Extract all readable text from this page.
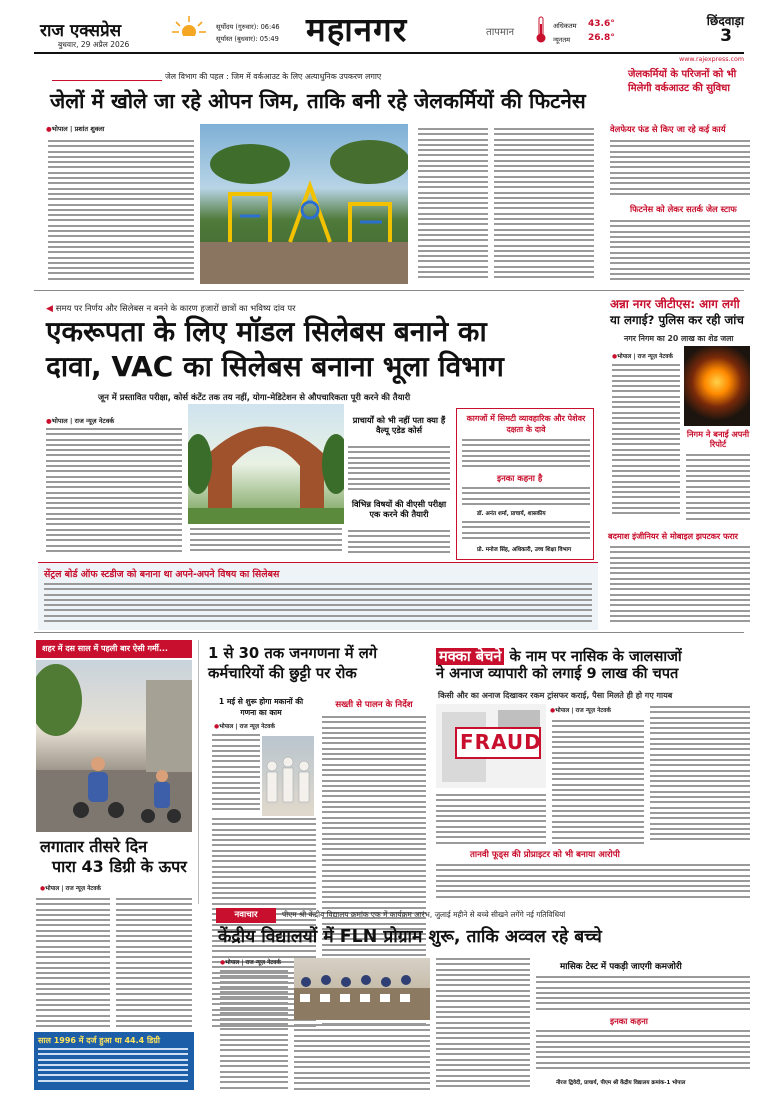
राज एक्सप्रेस
बुधवार, 29 अप्रैल 2026
सूर्योदय (गुरुवार): 06:46
सूर्यास्त (बुधवार): 05:49 महानगर	तापमान
अधिकतम 43.6°
न्यूनतम 26.8°
छिंदवाड़ा
3
www.rajexpress.com
जेल विभाग की पहल : जिम में वर्कआउट के लिए अत्याधुनिक उपकरण लगाए
जेलों में खोले जा रहे ओपन जिम, ताकि बनी रहे जेलकर्मियों की फिटनेस
जेलकर्मियों के परिजनों को भी मिलेगी वर्कआउट की सुविधा
● भोपाल | प्रशांत शुक्ला	वेलफेयर फंड से किए जा रहे कई कार्य
फिटनेस को लेकर सतर्क जेल स्टाफ
◀ समय पर निर्णय और सिलेबस न बनने के कारण हजारों छात्रों का भविष्य दांव पर
एकरूपता के लिए मॉडल सिलेबस बनाने का
दावा, VAC का सिलेबस बनाना भूला विभाग
जून में प्रस्तावित परीक्षा, कोर्स कंटेंट तक तय नहीं, योगा-मेडिटेशन से औपचारिकता पूरी करने की तैयारी
● भोपाल | राज न्यूज़ नेटवर्क	प्राचार्यों को भी नहीं पता क्या हैं वैल्यू एडेड कोर्स
विभिन्न विषयों की वीएसी परीक्षा एक करने की तैयारी
कागजों में सिमटी व्यावहारिक और पेशेवर दक्षता के दावे
इनका कहना है
डॉ. अनंत शर्मा, प्राचार्य, शासकीय
प्रो. मनोज सिंह, अधिकारी, उच्च शिक्षा विभाग
सेंट्रल बोर्ड ऑफ स्टडीज को बनाना था अपने-अपने विषय का सिलेबस
अन्ना नगर जीटीएस: आग लगी
या लगाई? पुलिस कर रही जांच
नगर निगम का 20 लाख का शेड जला
● भोपाल | राज न्यूज़ नेटवर्क
निगम ने बनाई अपनी रिपोर्ट
बदमाश इंजीनियर से मोबाइल झपटकर फरार
शहर में दस साल में पहली बार ऐसी गर्मी...
लगातार तीसरे दिन
पारा 43 डिग्री के ऊपर
● भोपाल | राज न्यूज़ नेटवर्क
साल 1996 में दर्ज हुआ था 44.4 डिग्री
1 से 30 तक जनगणना में लगे
कर्मचारियों की छुट्टी पर रोक
1 मई से शुरू होगा मकानों की गणना का काम
● भोपाल | राज न्यूज़ नेटवर्क
सख्ती से पालन के निर्देश
मक्का बेचने के नाम पर नासिक के जालसाजों
ने अनाज व्यापारी को लगाई 9 लाख की चपत
किसी और का अनाज दिखाकर रकम ट्रांसफर कराई, पैसा मिलते ही हो गए गायब
FRAUD
● भोपाल | राज न्यूज़ नेटवर्क
तानवी फूड्स की प्रोप्राइटर को भी बनाया आरोपी
नवाचार	पीएम श्री केंद्रीय विद्यालय क्रमांक एक में कार्यक्रम आरंभ, जुलाई महीने से बच्चे सीखने लगेंगे नई गतिविधियां
केंद्रीय विद्यालयों में FLN प्रोग्राम शुरू, ताकि अव्वल रहे बच्चे
● भोपाल | राज न्यूज़ नेटवर्क	मासिक टेस्ट में पकड़ी जाएगी कमजोरी
इनका कहना
नीरज द्विवेदी, प्राचार्य, पीएम श्री केंद्रीय विद्यालय क्रमांक-1 भोपाल
